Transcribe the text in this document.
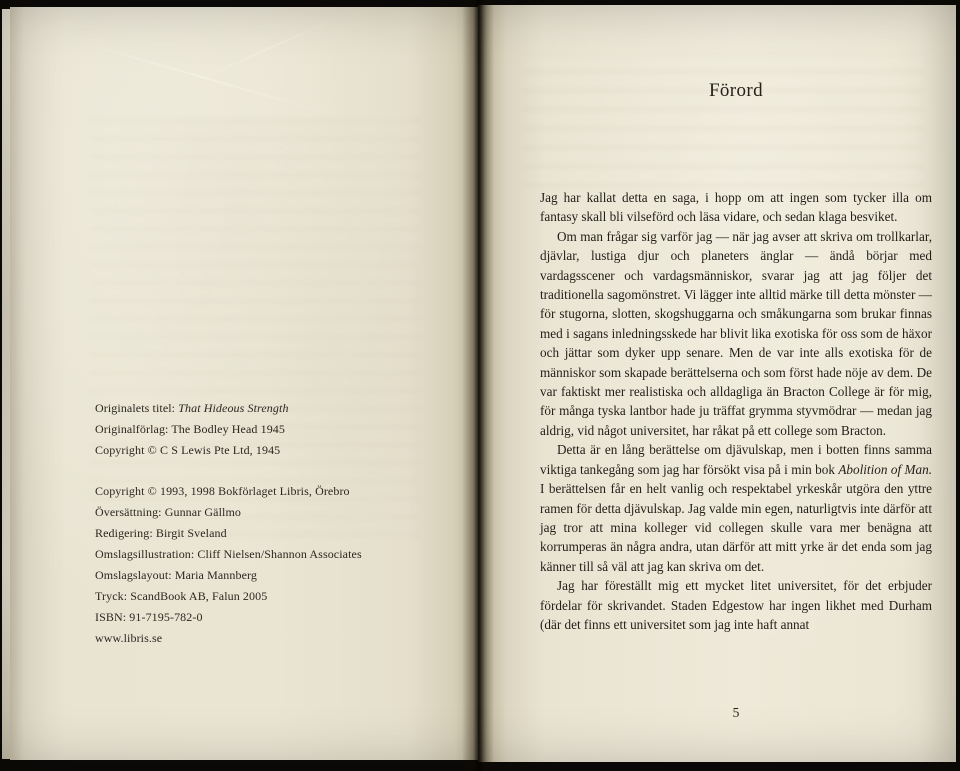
Originalets titel: That Hideous Strength

Originalförlag: The Bodley Head 1945

Copyright © C S Lewis Pte Ltd, 1945

Copyright © 1993, 1998 Bokförlaget Libris, Örebro

Översättning: Gunnar Gällmo

Redigering: Birgit Sveland

Omslagsillustration: Cliff Nielsen/Shannon Associates

Omslagslayout: Maria Mannberg

Tryck: ScandBook AB, Falun 2005

ISBN: 91-7195-782-0

www.libris.se

Förord

Jag har kallat detta en saga, i hopp om att ingen som tycker illa om fantasy skall bli vilseförd och läsa vidare, och sedan klaga besviket.

Om man frågar sig varför jag — när jag avser att skriva om trollkarlar, djävlar, lustiga djur och planeters änglar — ändå börjar med vardagsscener och vardagsmänniskor, svarar jag att jag följer det traditionella sagomönstret. Vi lägger inte alltid märke till detta mönster — för stugorna, slotten, skogshuggarna och småkungarna som brukar finnas med i sagans inledningsskede har blivit lika exotiska för oss som de häxor och jättar som dyker upp senare. Men de var inte alls exotiska för de människor som skapade berättelserna och som först hade nöje av dem. De var faktiskt mer realistiska och alldagliga än Bracton College är för mig, för många tyska lantbor hade ju träffat grymma styvmödrar — medan jag aldrig, vid något universitet, har råkat på ett college som Bracton.

Detta är en lång berättelse om djävulskap, men i botten finns samma viktiga tankegång som jag har försökt visa på i min bok Abolition of Man. I berättelsen får en helt vanlig och respektabel yrkeskår utgöra den yttre ramen för detta djävulskap. Jag valde min egen, naturligtvis inte därför att jag tror att mina kolleger vid collegen skulle vara mer benägna att korrumperas än några andra, utan därför att mitt yrke är det enda som jag känner till så väl att jag kan skriva om det.

Jag har föreställt mig ett mycket litet universitet, för det erbjuder fördelar för skrivandet. Staden Edgestow har ingen likhet med Durham (där det finns ett universitet som jag inte haft annat

5
